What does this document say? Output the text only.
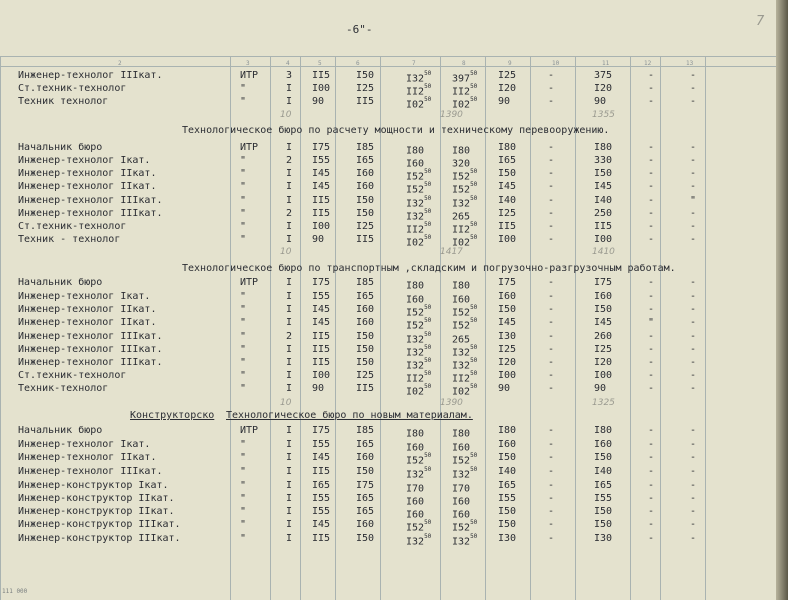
-6"-
7
111 000
2	3	4	5	6	7	8	9	10	11	12	13
Инженер-технолог IIIкат.	ИТР	3 II5	I50	$I32^{50}$ $397^{50}$ I25	-	375	-	-
Ст.техник-технолог	"	I I00	I25	$II2^{50}$ $II2^{50}$ I20	-	I20	-	-
Техник технолог	"	I 90	II5	$I02^{50}$ $I02^{50}$ 90	-	90	-	-
10	1390	1355
Технологическое бюро по расчету мощности и техническому перевооружению.
Начальник бюро	ИТР	I I75	I85	I80	I80	I80	-	I80	-	-
Инженер-технолог Iкат.	"	2 I55	I65	I60	320	I65	-	330	-	-
Инженер-технолог IIкат.	"	I I45	I60	$I52^{50}$ $I52^{50}$ I50	-	I50	-	-
Инженер-технолог IIкат.	"	I I45	I60	$I52^{50}$ $I52^{50}$ I45	-	I45	-	-
Инженер-технолог IIIкат.	"	I II5	I50	$I32^{50}$ $I32^{50}$ I40	-	I40	-	"
Инженер-технолог IIIкат.	"	2 II5	I50	$I32^{50}$ 265	I25	-	250	-	-
Ст.техник-технолог	"	I I00	I25	$II2^{50}$ $II2^{50}$ II5	-	II5	-	-
Техник - технолог	"	I 90	II5	$I02^{50}$ $I02^{50}$ I00	-	I00	-	-
10	1417	1410
Технологическое бюро по транспортным ,складским и погрузочно-разгрузочным работам.
Начальник бюро	ИТР	I I75	I85	I80	I80	I75	-	I75	-	-
Инженер-технолог Iкат.	"	I I55	I65	I60	I60	I60	-	I60	-	-
Инженер-технолог IIкат.	"	I I45	I60	$I52^{50}$ $I52^{50}$ I50	-	I50	-	-
Инженер-технолог IIкат.	"	I I45	I60	$I52^{50}$ $I52^{50}$ I45	-	I45	"	-
Инженер-технолог IIIкат.	"	2 II5	I50	$I32^{50}$ 265	I30	-	260	-	-
Инженер-технолог IIIкат.	"	I II5	I50	$I32^{50}$ $I32^{50}$ I25	-	I25	-	-
Инженер-технолог IIIкат.	"	I II5	I50	$I32^{50}$ $I32^{50}$ I20	-	I20	-	-
Ст.техник-технолог	"	I I00	I25	$II2^{50}$ $II2^{50}$ I00	-	I00	-	-
Техник-технолог	"	I 90	II5	$I02^{50}$ $I02^{50}$ 90	-	90	-	-
10	1390	1325
Конструкторско Технологическое бюро по новым материалам.
Начальник бюро	ИТР	I I75	I85	I80	I80	I80	-	I80	-	-
Инженер-технолог Iкат.	"	I I55	I65	I60	I60	I60	-	I60	-	-
Инженер-технолог IIкат.	"	I I45	I60	$I52^{50}$ $I52^{50}$ I50	-	I50	-	-
Инженер-технолог IIIкат.	"	I II5	I50	$I32^{50}$ $I32^{50}$ I40	-	I40	-	-
Инженер-конструктор Iкат.	"	I I65	I75	I70	I70	I65	-	I65	-	-
Инженер-конструктор IIкат.	"	I I55	I65	I60	I60	I55	-	I55	-	-
Инженер-конструктор IIкат.	"	I I55	I65	I60	I60	I50	-	I50	-	-
Инженер-конструктор IIIкат.	"	I I45	I60	$I52^{50}$ $I52^{50}$ I50	-	I50	-	-
Инженер-конструктор IIIкат.	"	I II5	I50	$I32^{50}$ $I32^{50}$ I30	-	I30	-	-
